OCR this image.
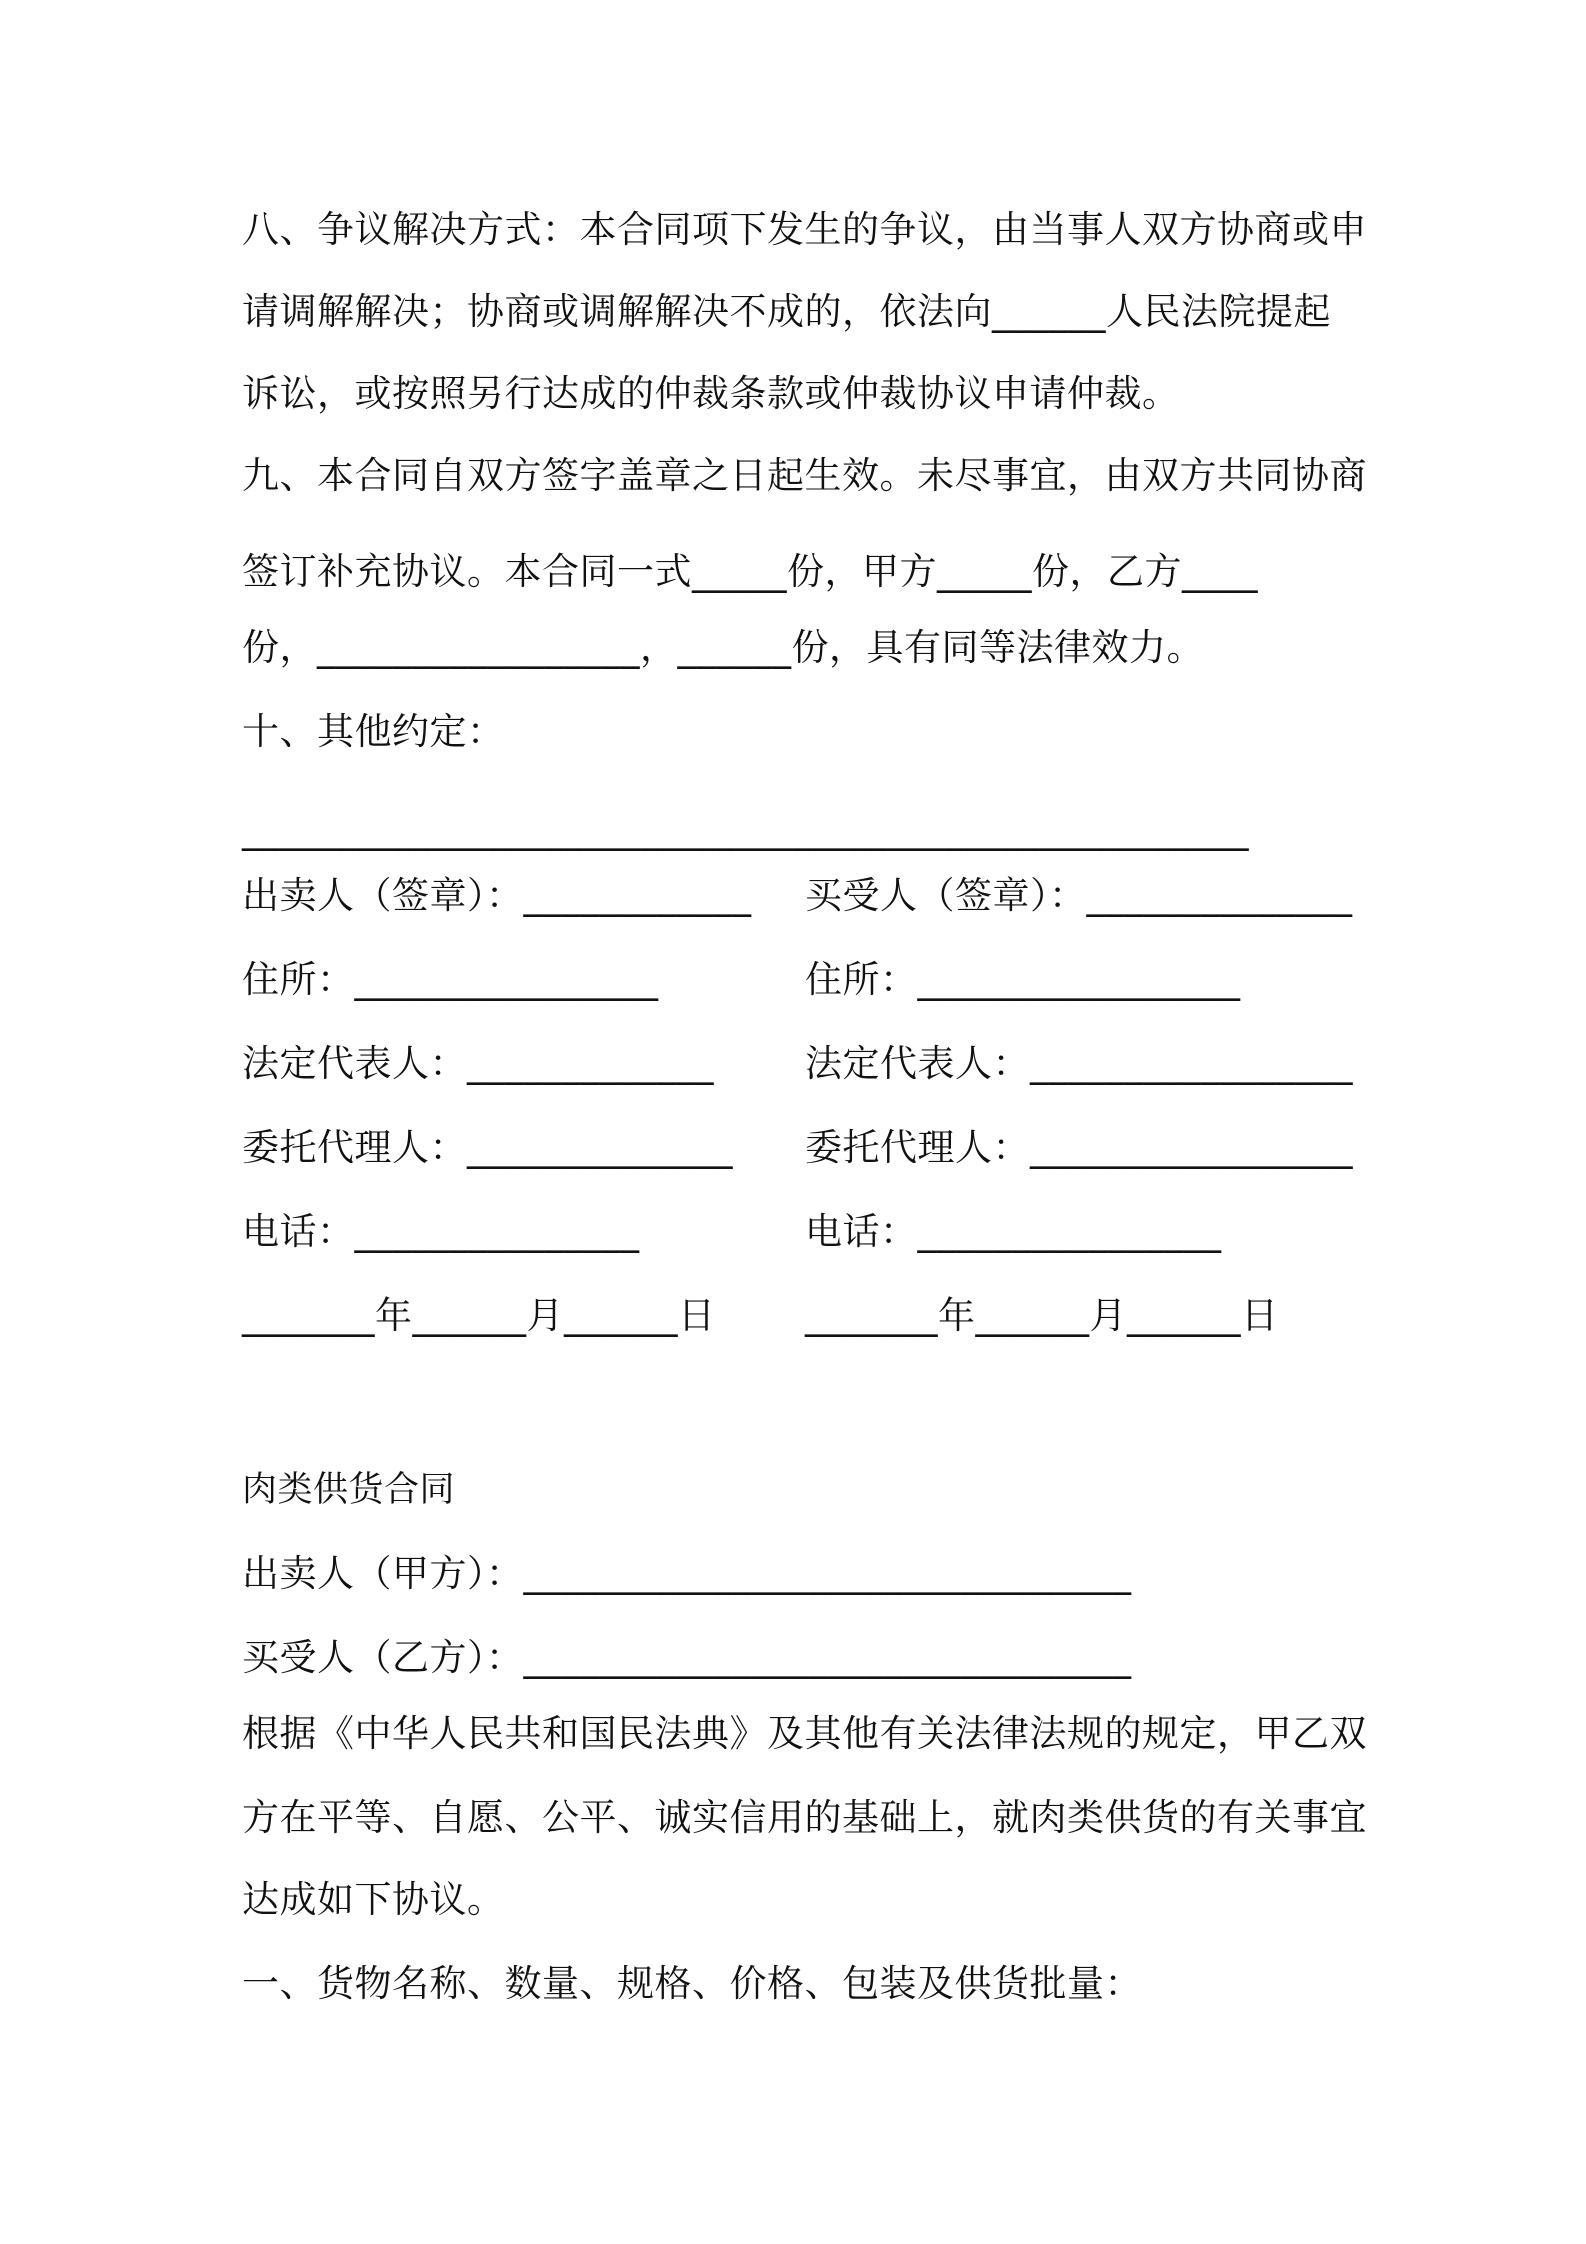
八、争议解决方式：本合同项下发生的争议，由当事人双方协商或申
请调解解决；协商或调解解决不成的，依法向______人民法院提起
诉讼，或按照另行达成的仲裁条款或仲裁协议申请仲裁。
九、本合同自双方签字盖章之日起生效。未尽事宜，由双方共同协商
签订补充协议。本合同一式_____份，甲方_____份，乙方____
份，_________________，______份，具有同等法律效力。
十、其他约定：
_____________________________________________________
出卖人（签章）：____________
住所：________________
法定代表人：_____________
委托代理人：______________
电话：_______________
_______年______月______日
买受人（签章）：______________
住所：_________________
法定代表人：_________________
委托代理人：_________________
电话：________________
_______年______月______日
肉类供货合同
出卖人（甲方）：________________________________
买受人（乙方）：________________________________
根据《中华人民共和国民法典》及其他有关法律法规的规定，甲乙双
方在平等、自愿、公平、诚实信用的基础上，就肉类供货的有关事宜
达成如下协议。
一、货物名称、数量、规格、价格、包装及供货批量：
